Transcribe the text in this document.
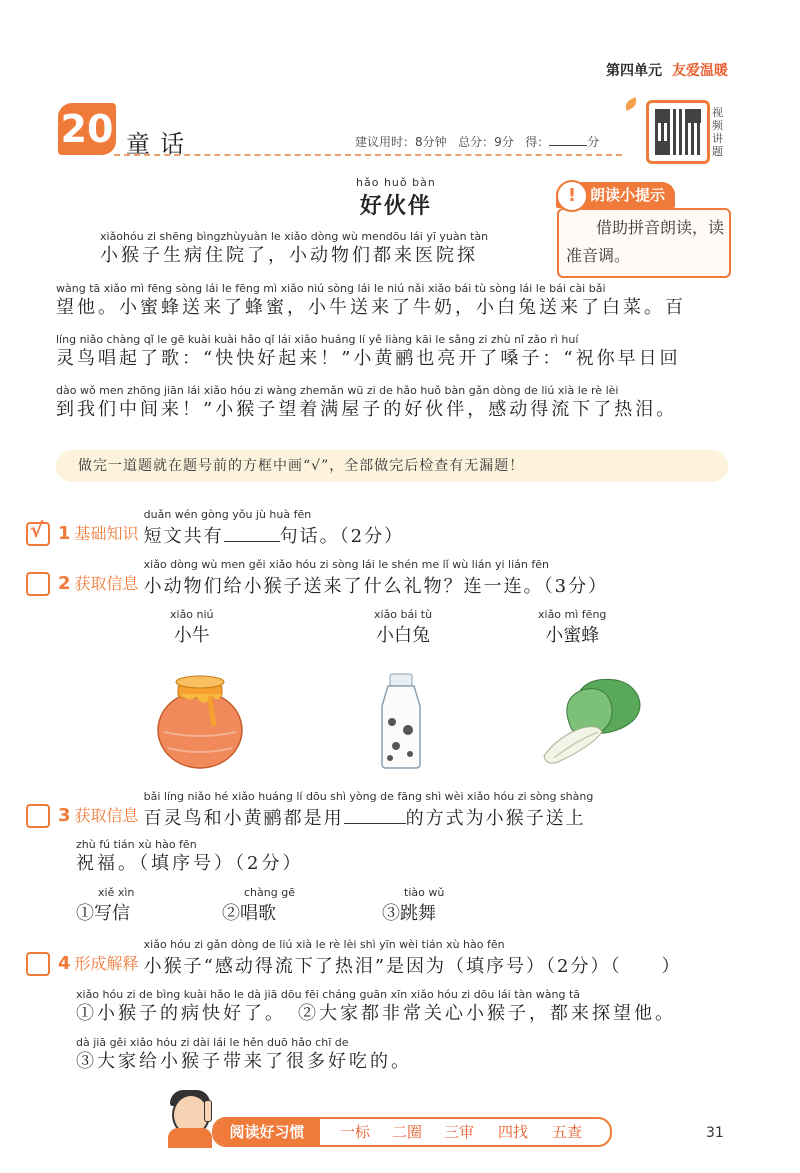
第四单元 友爱温暖
20 童话	建议用时：8分钟 总分：9分 得：	分
视频讲题
hǎo huǒ bàn
好伙伴	朗读小提示
!
借助拼音朗读，读准音调。
xiǎohóu zi shēng bìngzhùyuàn le xiǎo dòng wù mendōu lái yī yuàn tàn
小猴子生病住院了，小动物们都来医院探
wàng tā xiǎo mì fēng sòng lái le fēng mì xiǎo niú sòng lái le niú nǎi xiǎo bái tù sòng lái le bái cài bǎi
望他。小蜜蜂送来了蜂蜜，小牛送来了牛奶，小白兔送来了白菜。百
líng niǎo chàng qǐ le gē kuài kuài hǎo qǐ lái xiǎo huáng lí yě liàng kāi le sǎng zi zhù nǐ zǎo rì huí
灵鸟唱起了歌：“快快好起来！”小黄鹂也亮开了嗓子：“祝你早日回
dào wǒ men zhōng jiān lái xiǎo hóu zi wàng zhemǎn wū zi de hǎo huǒ bàn gǎn dòng de liú xià le rè lèi
到我们中间来！”小猴子望着满屋子的好伙伴，感动得流下了热泪。
做完一道题就在题号前的方框中画“√”，全部做完后检查有无漏题！
√ 1 基础知识
duǎn wén gòng yǒu jù huà fēn
短文共有	句话。（2分）
2 获取信息
xiǎo dòng wù men gěi xiǎo hóu zi sòng lái le shén me lǐ wù lián yi lián fēn
小动物们给小猴子送来了什么礼物？连一连。（3分）
xiǎo niú
小牛
xiǎo bái tù
小白兔
xiǎo mì fēng
小蜜蜂
3 获取信息
bǎi líng niǎo hé xiǎo huáng lí dōu shì yòng de fāng shì wèi xiǎo hóu zi sòng shàng
百灵鸟和小黄鹂都是用	的方式为小猴子送上
zhù fú tián xù hào fēn
祝福。（填序号）（2分）
xiě xìn
①写信
chàng gē
②唱歌
tiào wǔ
③跳舞
4 形成解释
xiǎo hóu zi gǎn dòng de liú xià le rè lèi shì yīn wèi tián xù hào fēn
小猴子“感动得流下了热泪”是因为（填序号）（2分）（　　）
xiǎo hóu zi de bìng kuài hǎo le dà jiā dōu fēi cháng guān xīn xiǎo hóu zi dōu lái tàn wàng tā
①小猴子的病快好了。　②大家都非常关心小猴子，都来探望他。
dà jiā gěi xiǎo hóu zi dài lái le hěn duō hǎo chī de
③大家给小猴子带来了很多好吃的。
阅读好习惯	一标 二圈 三审 四找 五查	31
